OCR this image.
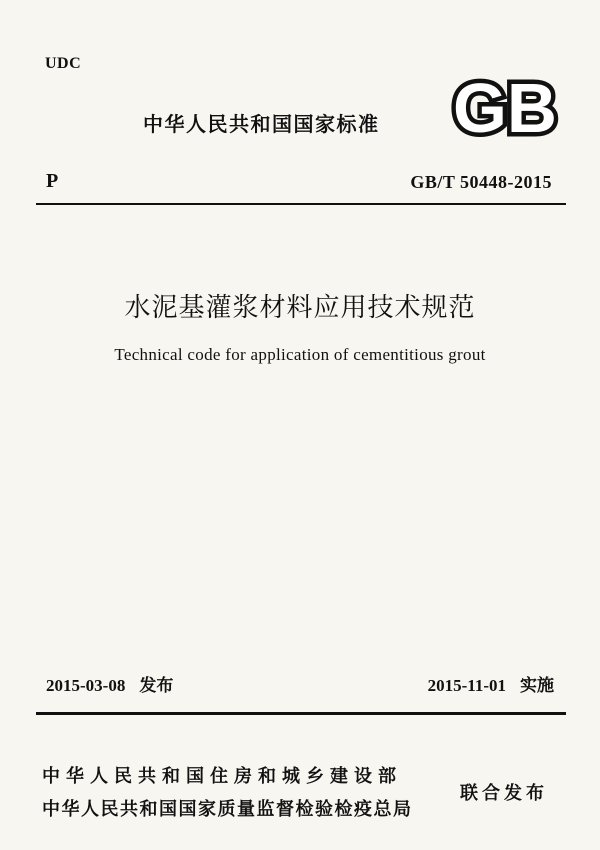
UDC
中华人民共和国国家标准 GB
P	GB/T 50448-2015
水泥基灌浆材料应用技术规范
Technical code for application of cementitious grout
2015-03-08 发布	2015-11-01 实施
中华人民共和国住房和城乡建设部
中华人民共和国国家质量监督检验检疫总局
联合发布
